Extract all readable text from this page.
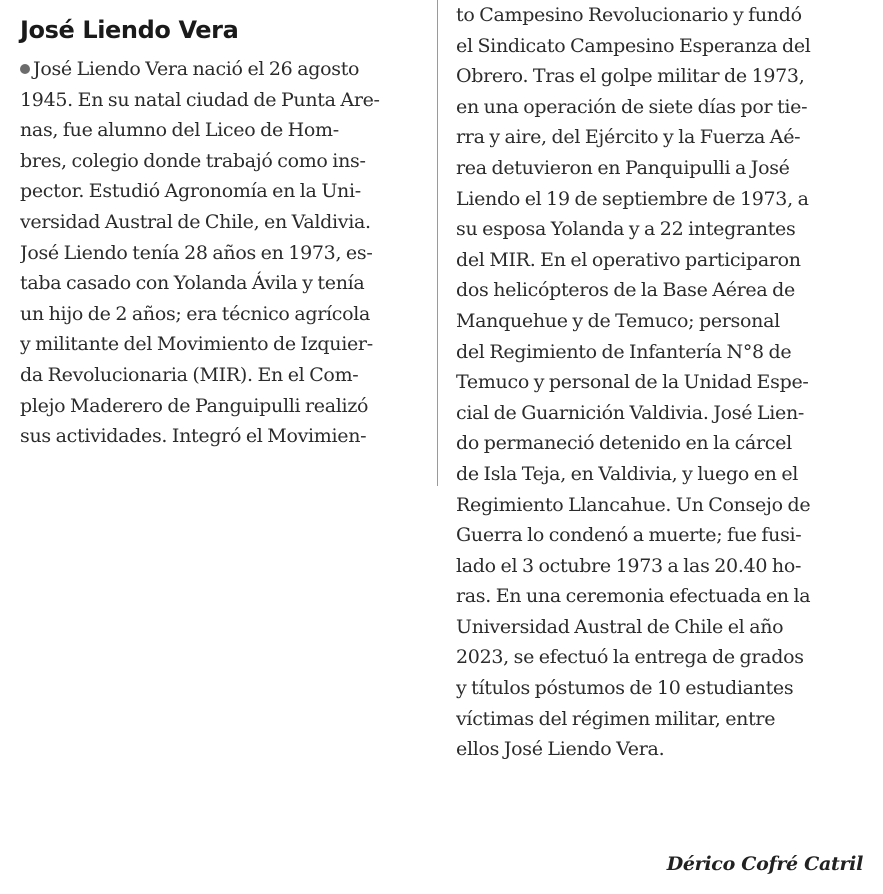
José Liendo Vera
José Liendo Vera nació el 26 agosto
1945. En su natal ciudad de Punta Are-
nas, fue alumno del Liceo de Hom-
bres, colegio donde trabajó como ins-
pector. Estudió Agronomía en la Uni-
versidad Austral de Chile, en Valdivia.
José Liendo tenía 28 años en 1973, es-
taba casado con Yolanda Ávila y tenía
un hijo de 2 años; era técnico agrícola
y militante del Movimiento de Izquier-
da Revolucionaria (MIR). En el Com-
plejo Maderero de Panguipulli realizó
sus actividades. Integró el Movimien-
to Campesino Revolucionario y fundó
el Sindicato Campesino Esperanza del
Obrero. Tras el golpe militar de 1973,
en una operación de siete días por tie-
rra y aire, del Ejército y la Fuerza Aé-
rea detuvieron en Panquipulli a José
Liendo el 19 de septiembre de 1973, a
su esposa Yolanda y a 22 integrantes
del MIR. En el operativo participaron
dos helicópteros de la Base Aérea de
Manquehue y de Temuco; personal
del Regimiento de Infantería N°8 de
Temuco y personal de la Unidad Espe-
cial de Guarnición Valdivia. José Lien-
do permaneció detenido en la cárcel
de Isla Teja, en Valdivia, y luego en el
Regimiento Llancahue. Un Consejo de
Guerra lo condenó a muerte; fue fusi-
lado el 3 octubre 1973 a las 20.40 ho-
ras. En una ceremonia efectuada en la
Universidad Austral de Chile el año
2023, se efectuó la entrega de grados
y títulos póstumos de 10 estudiantes
víctimas del régimen militar, entre
ellos José Liendo Vera.
Dérico Cofré Catril
